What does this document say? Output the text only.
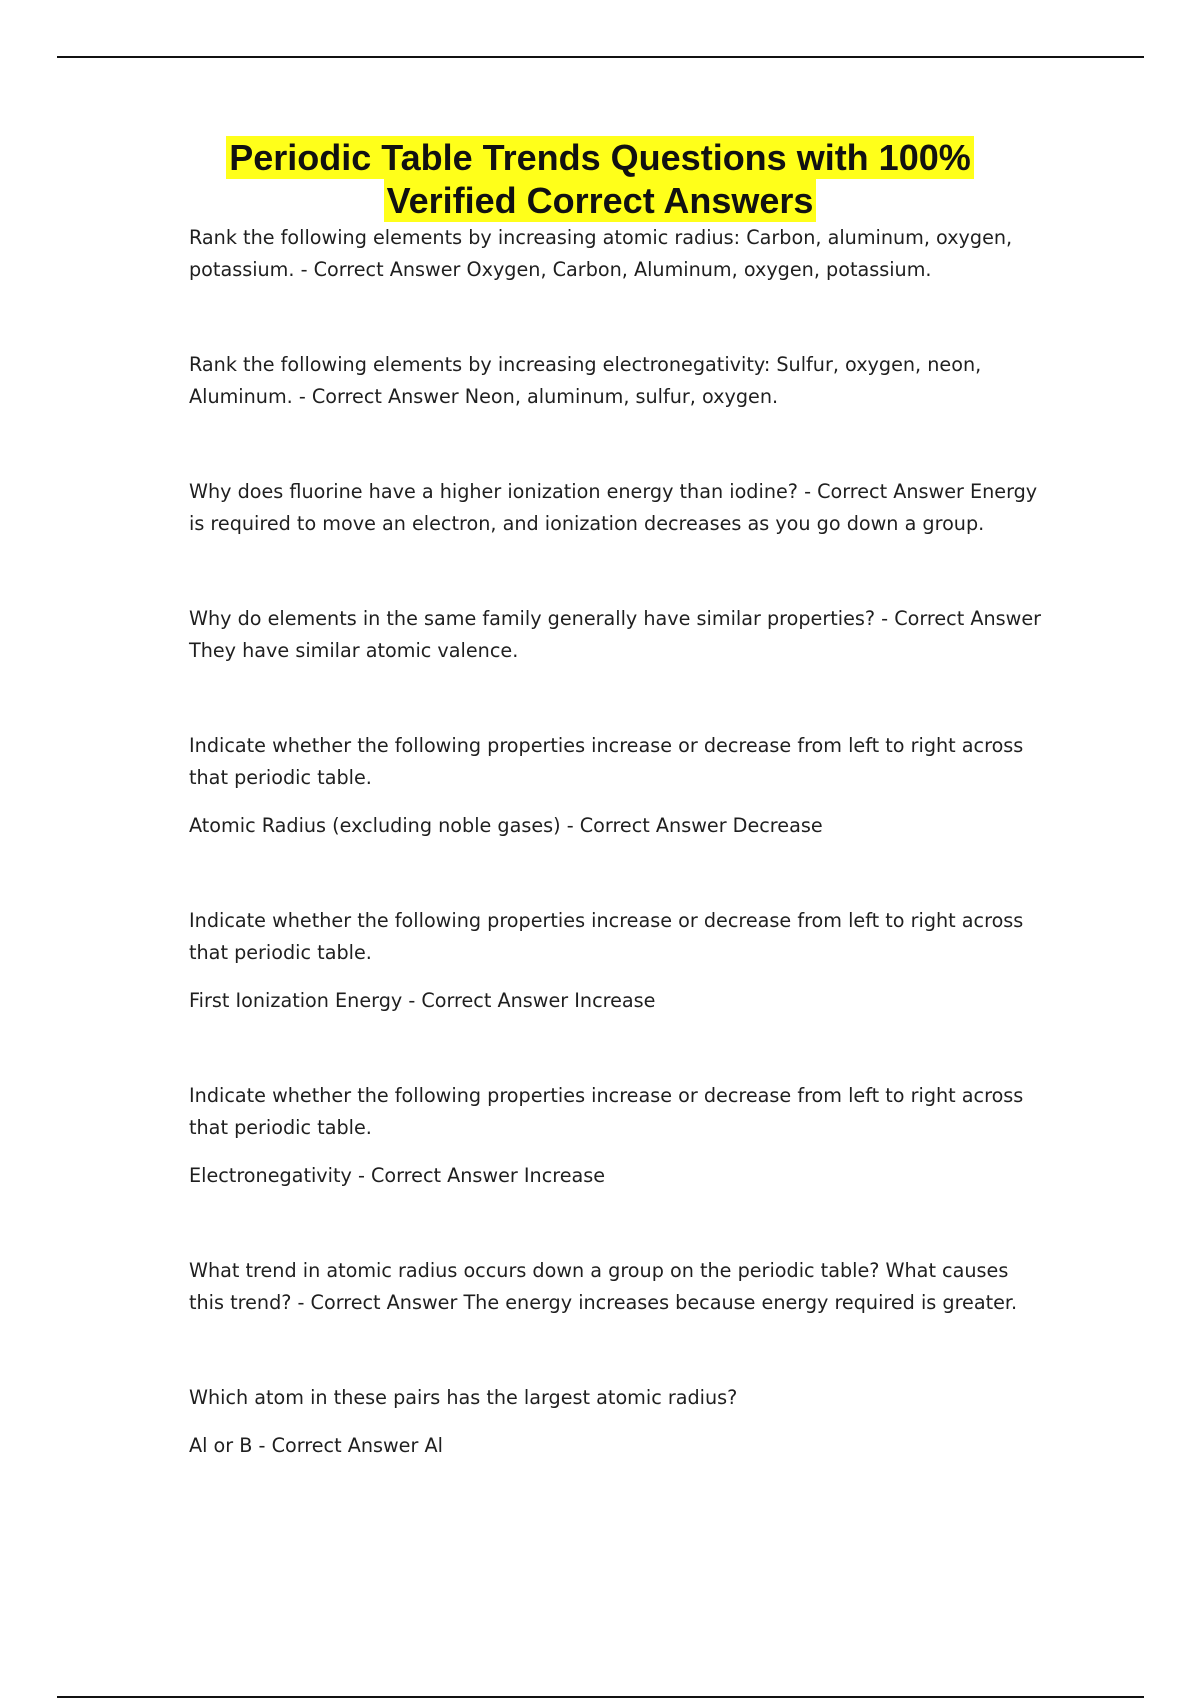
Periodic Table Trends Questions with 100%
Verified Correct Answers

Rank the following elements by increasing atomic radius: Carbon, aluminum, oxygen, potassium. - Correct Answer Oxygen, Carbon, Aluminum, oxygen, potassium.

Rank the following elements by increasing electronegativity: Sulfur, oxygen, neon, Aluminum. - Correct Answer Neon, aluminum, sulfur, oxygen.

Why does fluorine have a higher ionization energy than iodine? - Correct Answer Energy is required to move an electron, and ionization decreases as you go down a group.

Why do elements in the same family generally have similar properties? - Correct Answer They have similar atomic valence.

Indicate whether the following properties increase or decrease from left to right across that periodic table.

Atomic Radius (excluding noble gases) - Correct Answer Decrease

Indicate whether the following properties increase or decrease from left to right across that periodic table.

First Ionization Energy - Correct Answer Increase

Indicate whether the following properties increase or decrease from left to right across that periodic table.

Electronegativity - Correct Answer Increase

What trend in atomic radius occurs down a group on the periodic table? What causes this trend? - Correct Answer The energy increases because energy required is greater.

Which atom in these pairs has the largest atomic radius?

Al or B - Correct Answer Al
